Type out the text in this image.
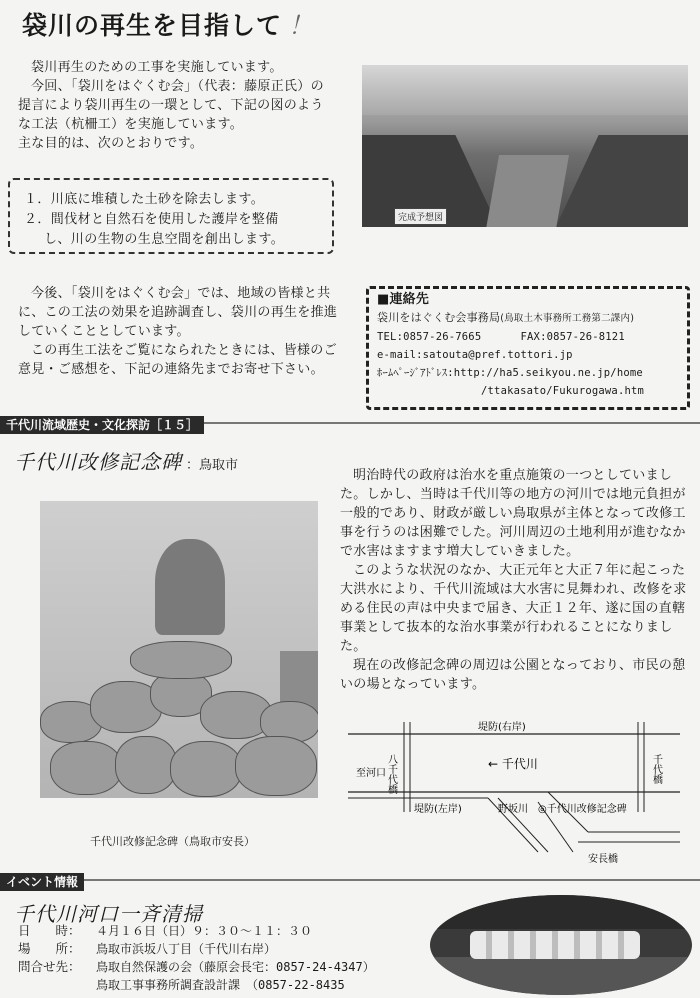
袋川の再生を目指して ！

袋川再生のための工事を実施しています。

今回、「袋川をはぐくむ会」（代表：藤原正氏）の提言により袋川再生の一環として、下記の図のような工法（杭柵工）を実施しています。

主な目的は、次のとおりです。

１．川底に堆積した土砂を除去します。
２．間伐材と自然石を使用した護岸を整備
し、川の生物の生息空間を創出します。
完成予想図

今後、「袋川をはぐくむ会」では、地域の皆様と共に、この工法の効果を追跡調査し、袋川の再生を推進していくこととしています。

この再生工法をご覧になられたときには、皆様のご意見・ご感想を、下記の連絡先までお寄せ下さい。

■連絡先
袋川をはぐくむ会事務局(鳥取土木事務所工務第二課内)
TEL:0857-26-7665	FAX:0857-26-8121
e-mail:satouta@pref.tottori.jp
ﾎｰﾑﾍﾟｰｼﾞｱﾄﾞﾚｽ:http://ha5.seikyou.ne.jp/home
/ttakasato/Fukurogawa.htm
千代川流域歴史・文化探訪［１５］
千代川改修記念碑 ：鳥取市
千代川改修記念碑（鳥取市安長）

明治時代の政府は治水を重点施策の一つとしていました。しかし、当時は千代川等の地方の河川では地元負担が一般的であり、財政が厳しい鳥取県が主体となって改修工事を行うのは困難でした。河川周辺の土地利用が進むなかで水害はますます増大していきました。

このような状況のなか、大正元年と大正７年に起こった大洪水により、千代川流域は大水害に見舞われ、改修を求める住民の声は中央まで届き、大正１２年、遂に国の直轄事業として抜本的な治水事業が行われることになりました。

現在の改修記念碑の周辺は公園となっており、市民の憩いの場となっています。

堤防(右岸)
← 千代川
至河口
堤防(左岸)	野坂川 ◎千代川改修記念碑
安長橋
八千代橋	千代橋
イベント情報
千代川河口一斉清掃
日　　時：	４月１６日（日）９：３０～１１：３０
場　　所：	鳥取市浜坂八丁目（千代川右岸）
問合せ先：	鳥取自然保護の会（藤原会長宅：0857-24-4347）
鳥取工事事務所調査設計課　（0857-22-8435
